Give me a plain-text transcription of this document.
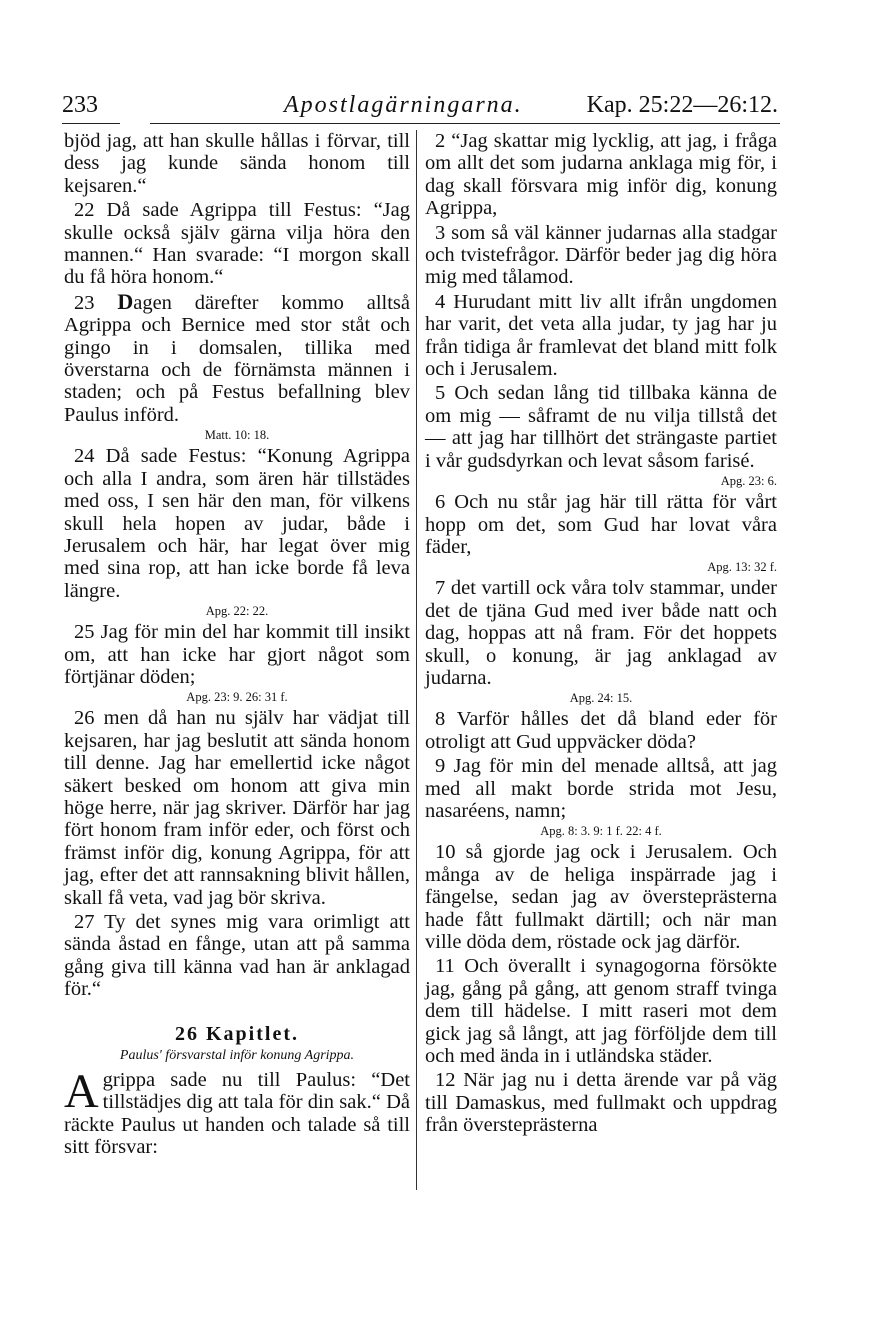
233	Apostlagärningarna.	Kap. 25:22—26:12.

bjöd jag, att han skulle hållas i förvar, till dess jag kunde sända honom till kejsaren.“

22 Då sade Agrippa till Festus: “Jag skulle också själv gärna vilja höra den mannen.“ Han svarade: “I morgon skall du få höra honom.“

23 Dagen därefter kommo alltså Agrippa och Bernice med stor ståt och gingo in i domsalen, tillika med överstarna och de förnämsta männen i staden; och på Festus befallning blev Paulus införd.

Matt. 10: 18.

24 Då sade Festus: “Konung Agrippa och alla I andra, som ären här tillstädes med oss, I sen här den man, för vilkens skull hela hopen av judar, både i Jerusalem och här, har legat över mig med sina rop, att han icke borde få leva längre.

Apg. 22: 22.

25 Jag för min del har kommit till insikt om, att han icke har gjort något som förtjänar döden;

Apg. 23: 9. 26: 31 f.

26 men då han nu själv har vädjat till kejsaren, har jag beslutit att sända honom till denne. Jag har emellertid icke något säkert besked om honom att giva min höge herre, när jag skriver. Därför har jag fört honom fram inför eder, och först och främst inför dig, konung Agrippa, för att jag, efter det att rannsakning blivit hållen, skall få veta, vad jag bör skriva.

27 Ty det synes mig vara orimligt att sända åstad en fånge, utan att på samma gång giva till känna vad han är anklagad för.“

26 Kapitlet.
Paulus' försvarstal inför konung Agrippa.
A grippa sade nu till Paulus: “Det tillstädjes dig att tala för din sak.“ Då räckte Paulus ut handen och talade så till sitt försvar:

2 “Jag skattar mig lycklig, att jag, i fråga om allt det som judarna anklaga mig för, i dag skall försvara mig inför dig, konung Agrippa,

3 som så väl känner judarnas alla stadgar och tvistefrågor. Därför beder jag dig höra mig med tålamod.

4 Hurudant mitt liv allt ifrån ungdomen har varit, det veta alla judar, ty jag har ju från tidiga år framlevat det bland mitt folk och i Jerusalem.

5 Och sedan lång tid tillbaka känna de om mig — såframt de nu vilja tillstå det — att jag har tillhört det strängaste partiet i vår gudsdyrkan och levat såsom farisé.

Apg. 23: 6.

6 Och nu står jag här till rätta för vårt hopp om det, som Gud har lovat våra fäder,

Apg. 13: 32 f.

7 det vartill ock våra tolv stammar, under det de tjäna Gud med iver både natt och dag, hoppas att nå fram. För det hoppets skull, o konung, är jag anklagad av judarna.

Apg. 24: 15.

8 Varför hålles det då bland eder för otroligt att Gud uppväcker döda?

9 Jag för min del menade alltså, att jag med all makt borde strida mot Jesu, nasaréens, namn;

Apg. 8: 3. 9: 1 f. 22: 4 f.

10 så gjorde jag ock i Jerusalem. Och många av de heliga inspärrade jag i fängelse, sedan jag av översteprästerna hade fått fullmakt därtill; och när man ville döda dem, röstade ock jag därför.

11 Och överallt i synagogorna försökte jag, gång på gång, att genom straff tvinga dem till hädelse. I mitt raseri mot dem gick jag så långt, att jag förföljde dem till och med ända in i utländska städer.

12 När jag nu i detta ärende var på väg till Damaskus, med fullmakt och uppdrag från översteprästerna
